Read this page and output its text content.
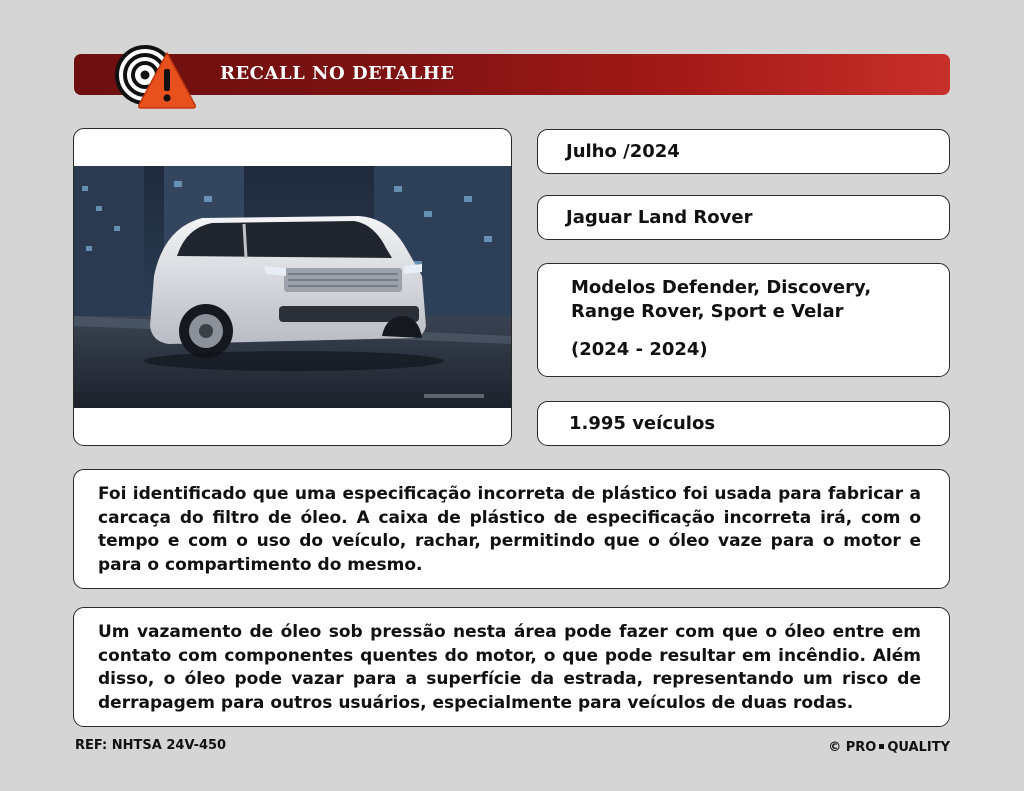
RECALL NO DETALHE
Julho /2024
Jaguar Land Rover
Modelos Defender, Discovery, Range Rover, Sport e Velar
(2024 - 2024)
1.995 veículos
Foi identificado que uma especificação incorreta de plástico foi usada para fabricar a carcaça do filtro de óleo. A caixa de plástico de especificação incorreta irá, com o tempo e com o uso do veículo, rachar, permitindo que o óleo vaze para o motor e para o compartimento do mesmo.
Um vazamento de óleo sob pressão nesta área pode fazer com que o óleo entre em contato com componentes quentes do motor, o que pode resultar em incêndio. Além disso, o óleo pode vazar para a superfície da estrada, representando um risco de derrapagem para outros usuários, especialmente para veículos de duas rodas.
REF: NHTSA 24V-450	© PRO QUALITY
